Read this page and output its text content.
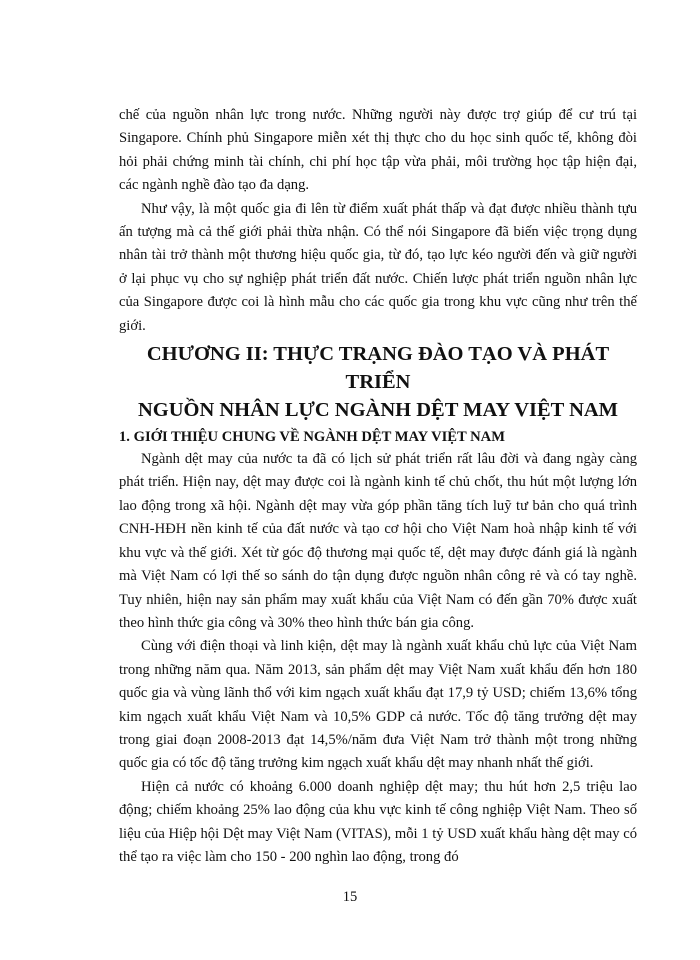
chế của nguồn nhân lực trong nước. Những người này được trợ giúp để cư trú tại Singapore. Chính phủ Singapore miễn xét thị thực cho du học sinh quốc tế, không đòi hỏi phải chứng minh tài chính, chi phí học tập vừa phải, môi trường học tập hiện đại, các ngành nghề đào tạo đa dạng.

Như vậy, là một quốc gia đi lên từ điểm xuất phát thấp và đạt được nhiều thành tựu ấn tượng mà cả thế giới phải thừa nhận. Có thể nói Singapore đã biến việc trọng dụng nhân tài trở thành một thương hiệu quốc gia, từ đó, tạo lực kéo người đến và giữ người ở lại phục vụ cho sự nghiệp phát triển đất nước. Chiến lược phát triển nguồn nhân lực của Singapore được coi là hình mẫu cho các quốc gia trong khu vực cũng như trên thế giới.

CHƯƠNG II: THỰC TRẠNG ĐÀO TẠO VÀ PHÁT TRIỂN
NGUỒN NHÂN LỰC NGÀNH DỆT MAY VIỆT NAM
1. GIỚI THIỆU CHUNG VỀ NGÀNH DỆT MAY VIỆT NAM

Ngành dệt may của nước ta đã có lịch sử phát triển rất lâu đời và đang ngày càng phát triển. Hiện nay, dệt may được coi là ngành kinh tế chủ chốt, thu hút một lượng lớn lao động trong xã hội. Ngành dệt may vừa góp phần tăng tích luỹ tư bản cho quá trình CNH-HĐH nền kinh tế của đất nước và tạo cơ hội cho Việt Nam hoà nhập kinh tế với khu vực và thế giới. Xét từ góc độ thương mại quốc tế, dệt may được đánh giá là ngành mà Việt Nam có lợi thế so sánh do tận dụng được nguồn nhân công rẻ và có tay nghề. Tuy nhiên, hiện nay sản phẩm may xuất khẩu của Việt Nam có đến gần 70% được xuất theo hình thức gia công và 30% theo hình thức bán gia công.

Cùng với điện thoại và linh kiện, dệt may là ngành xuất khẩu chủ lực của Việt Nam trong những năm qua. Năm 2013, sản phẩm dệt may Việt Nam xuất khẩu đến hơn 180 quốc gia và vùng lãnh thổ với kim ngạch xuất khẩu đạt 17,9 tỷ USD; chiếm 13,6% tổng kim ngạch xuất khẩu Việt Nam và 10,5% GDP cả nước. Tốc độ tăng trưởng dệt may trong giai đoạn 2008-2013 đạt 14,5%/năm đưa Việt Nam trở thành một trong những quốc gia có tốc độ tăng trưởng kim ngạch xuất khẩu dệt may nhanh nhất thế giới.

Hiện cả nước có khoảng 6.000 doanh nghiệp dệt may; thu hút hơn 2,5 triệu lao động; chiếm khoảng 25% lao động của khu vực kinh tế công nghiệp Việt Nam. Theo số liệu của Hiệp hội Dệt may Việt Nam (VITAS), mỗi 1 tỷ USD xuất khẩu hàng dệt may có thể tạo ra việc làm cho 150 - 200 nghìn lao động, trong đó

15
